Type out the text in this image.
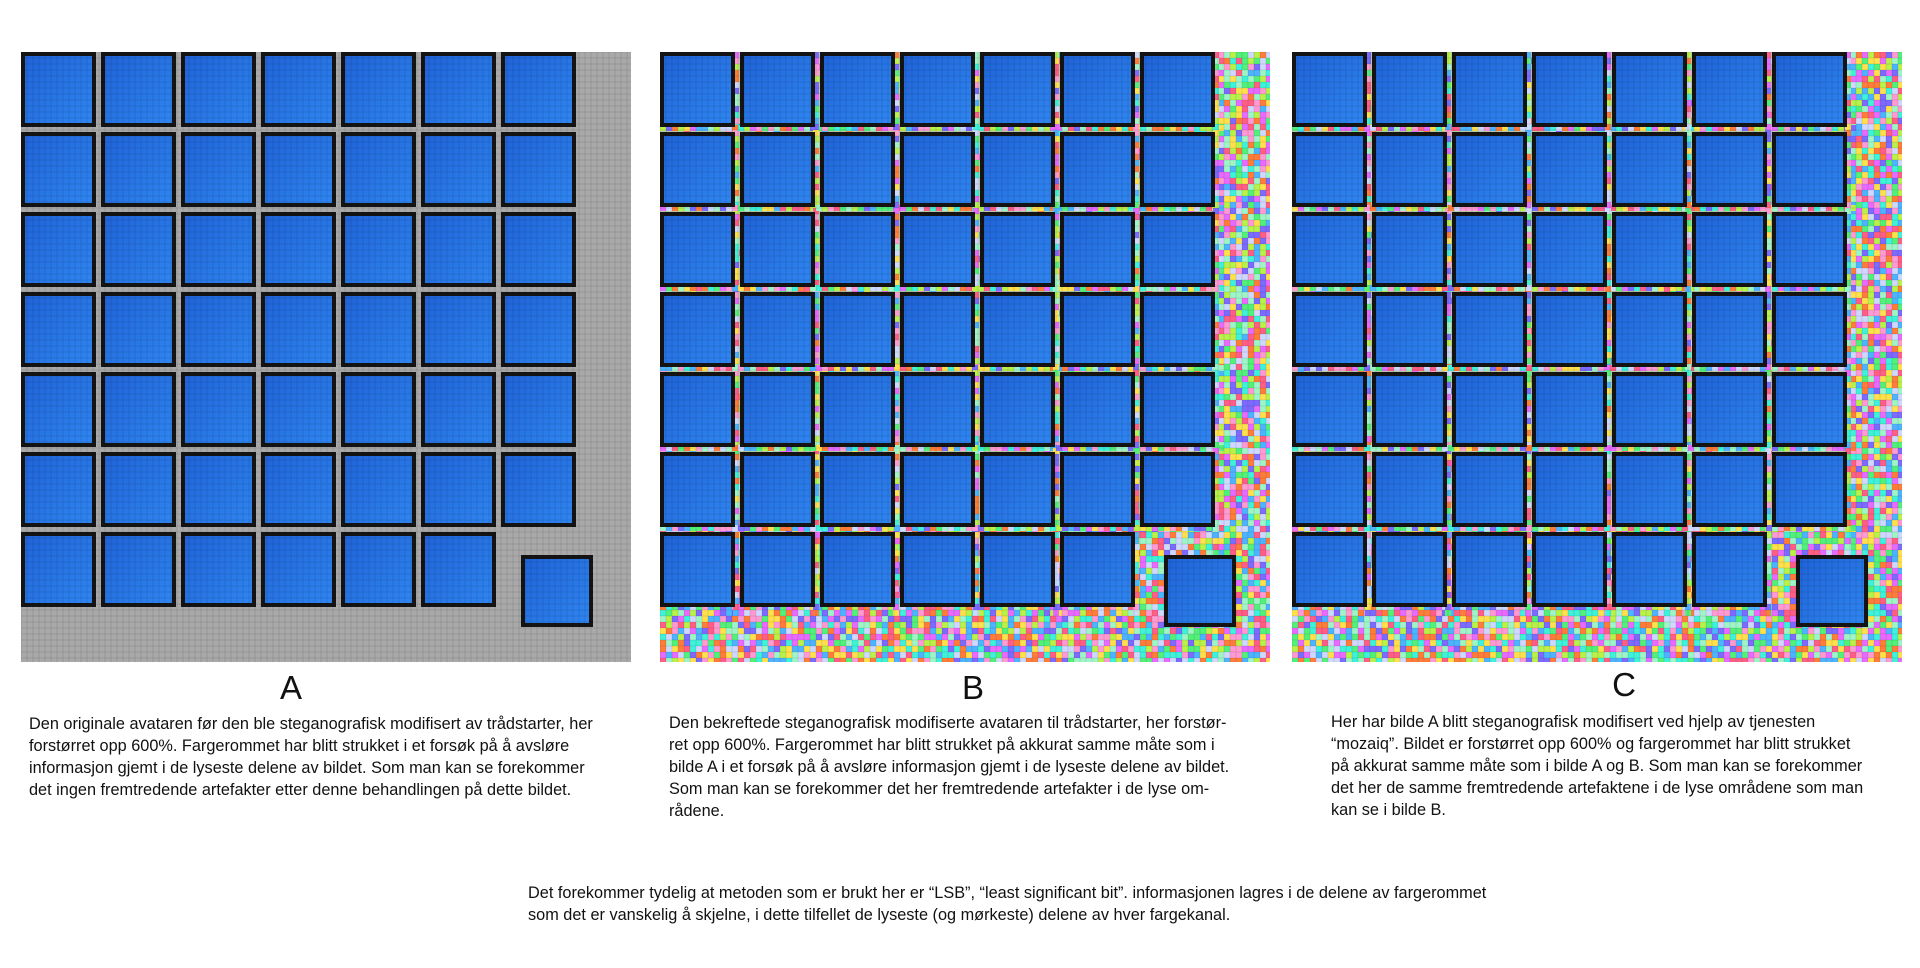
A	B	C

Den originale avataren før den ble steganografisk modifisert av trådstarter, her
forstørret opp 600%. Fargerommet har blitt strukket i et forsøk på å avsløre
informasjon gjemt i de lyseste delene av bildet. Som man kan se forekommer
det ingen fremtredende artefakter etter denne behandlingen på dette bildet.

Den bekreftede steganografisk modifiserte avataren til trådstarter, her forstør-
ret opp 600%. Fargerommet har blitt strukket på akkurat samme måte som i
bilde A i et forsøk på å avsløre informasjon gjemt i de lyseste delene av bildet.
Som man kan se forekommer det her fremtredende artefakter i de lyse om-
rådene.

Her har bilde A blitt steganografisk modifisert ved hjelp av tjenesten
“mozaiq”. Bildet er forstørret opp 600% og fargerommet har blitt strukket
på akkurat samme måte som i bilde A og B. Som man kan se forekommer
det her de samme fremtredende artefaktene i de lyse områdene som man
kan se i bilde B.

Det forekommer tydelig at metoden som er brukt her er “LSB”, “least significant bit”. informasjonen lagres i de delene av fargerommet
som det er vanskelig å skjelne, i dette tilfellet de lyseste (og mørkeste) delene av hver fargekanal.
